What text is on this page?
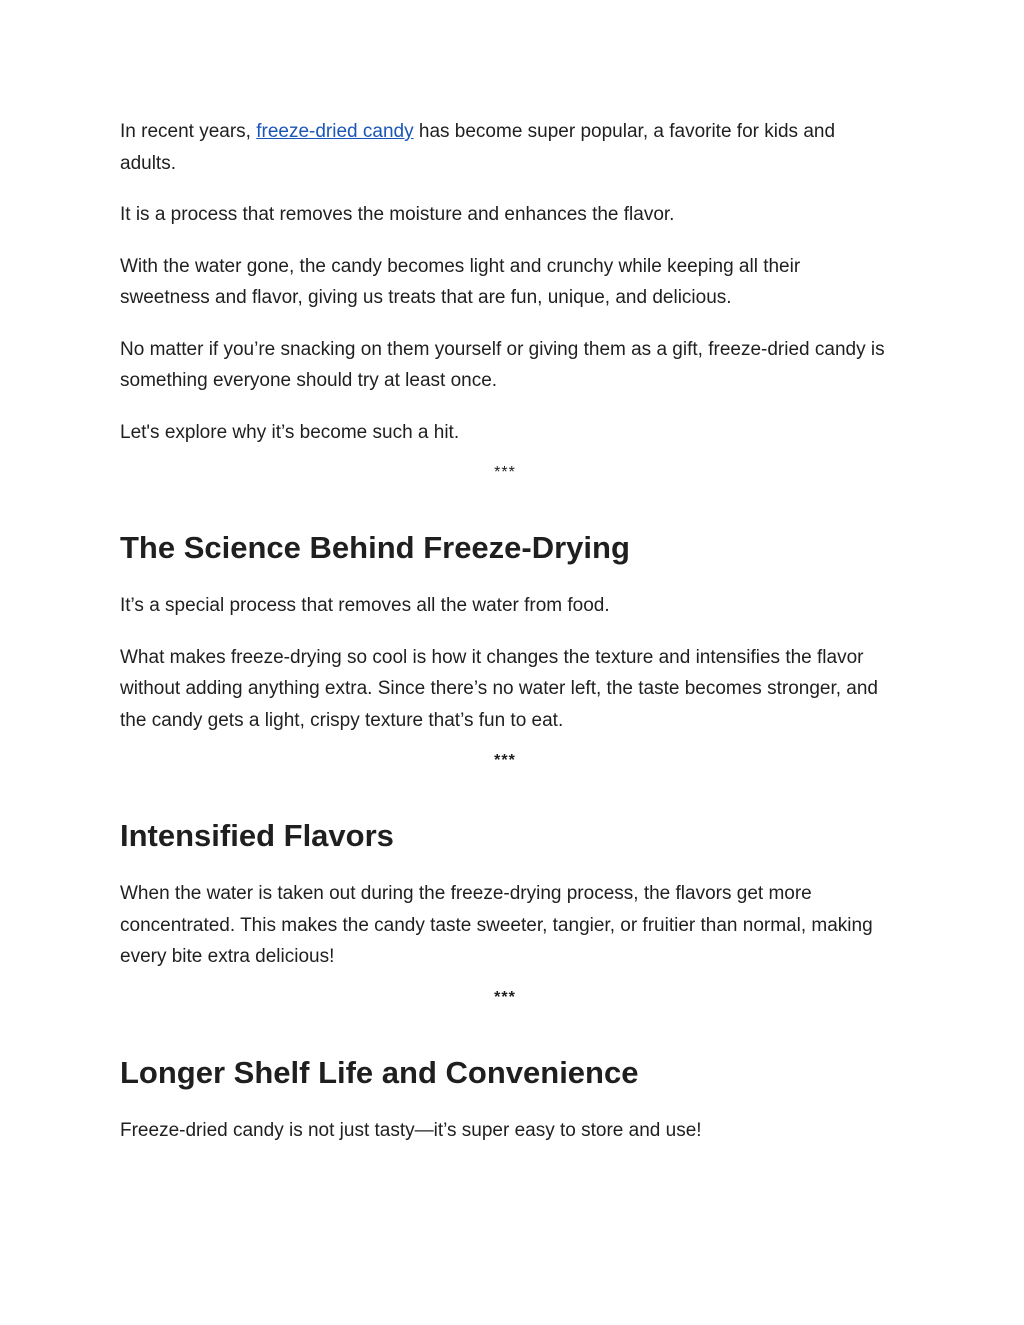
In recent years, freeze-dried candy has become super popular, a favorite for kids and adults.

It is a process that removes the moisture and enhances the flavor.

With the water gone, the candy becomes light and crunchy while keeping all their sweetness and flavor, giving us treats that are fun, unique, and delicious.

No matter if you’re snacking on them yourself or giving them as a gift, freeze-dried candy is something everyone should try at least once.

Let's explore why it’s become such a hit.

***
The Science Behind Freeze-Drying

It’s a special process that removes all the water from food.

What makes freeze-drying so cool is how it changes the texture and intensifies the flavor without adding anything extra. Since there’s no water left, the taste becomes stronger, and the candy gets a light, crispy texture that’s fun to eat.

***
Intensified Flavors

When the water is taken out during the freeze-drying process, the flavors get more concentrated. This makes the candy taste sweeter, tangier, or fruitier than normal, making every bite extra delicious!

***
Longer Shelf Life and Convenience

Freeze-dried candy is not just tasty—it’s super easy to store and use!
